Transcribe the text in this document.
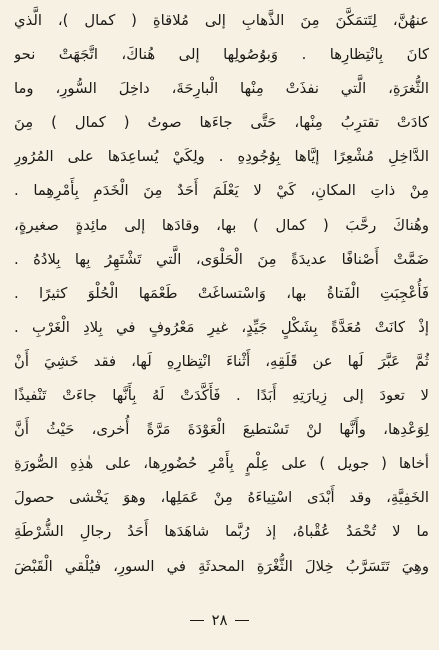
عنهُنَّ، لِتَتمَكَّنَ مِنَ الذَّهابِ إلى مُلاقاةِ ( كمال )، الَّذي
كانَ بِانْتِظارِها . وَبوُصُولِها إلى هُناكَ، اتَّجَهَتْ نحو
الثُّغرَةِ، الَّتي نفذَتْ مِنْها الْبارِحَةَ، داخِلَ السُّورِ، وما
كادَتْ تقترِبُ مِنْها، حَتَّى جاءَها صوتُ ( كمال ) مِنَ
الدَّاخِلِ مُشْعِرًا إيَّاها بِوُجُودِهِ . ولِكَيْ يُساعِدَها على المُرُورِ
مِنْ ذاتِ المكانِ، كَيْ لا يَعْلَمَ أَحَدٌ مِنَ الْخَدَمِ بِأَمْرِهِما .
وهُناكَ رحَّبَ ( كمال ) بها، وقادَها إلى مائِدةٍ صغيرةٍ،
ضَمَّتْ أَصْنافًا عديدَةً مِنَ الْحَلْوَى، الَّتي تَشْتَهِرُ بِها بِلادُهُ .
فَأُعْجِبَتِ الْفَتاةُ بها، وَاسْتساغَتْ طَعْمَها الْحُلْوَ كثيرًا .
إذْ كانَتْ مُعَدَّةً بِشَكْلٍ جَيِّدٍ، غيرِ مَعْرُوفٍ في بِلادِ الْغَرْبِ .
ثُمَّ عَبَّرَ لَها عن قَلَقِهِ، أَثْناءَ انْتِظارِهِ لَها، فقد خَشِيَ أَنْ
لا تعودَ إلى زِيارَتِهِ أَبَدًا . فَأَكَّدَتْ لَهُ بِأَنَّها جاءَتْ تَنْفيذًا
لِوَعْدِها، وأَنَّها لنْ تَسْتطيعَ الْعَوْدَةَ مَرَّةً أُخرى، حَيْثُ أَنَّ
أخاها ( جويل ) على عِلْمٍ بِأَمْرِ حُضُورِها، على هٰذِهِ الصُّورَةِ
الخَفِيَّةِ، وقد أَبْدَى اسْتِياءَهُ مِنْ عَمَلِها، وهوَ يَخْشى حصولَ
ما لا تُحْمَدُ عُقْباهُ، إذ رُبَّما شاهَدَها أَحَدُ رجالِ الشُّرْطَةِ
وهِيَ تَتَسَرَّبُ خِلالَ الثُّغْرَةِ المحدثَةِ في السورِ، فيُلْقي الْقَبْضَ
٢٨
